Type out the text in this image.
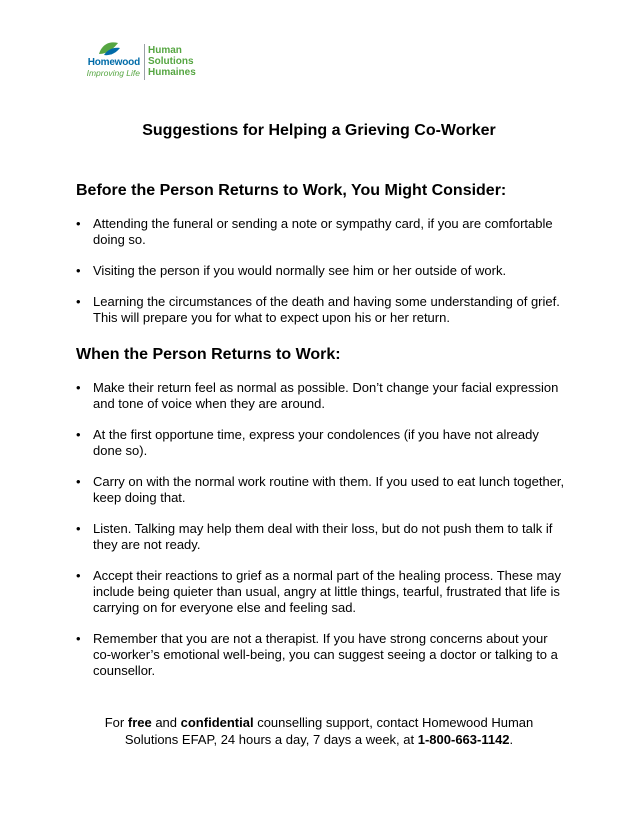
Homewood
Improving Life
Human
Solutions
Humaines
Suggestions for Helping a Grieving Co-Worker
Before the Person Returns to Work, You Might Consider:
• Attending the funeral or sending a note or sympathy card, if you are comfortable doing so.
• Visiting the person if you would normally see him or her outside of work.
• Learning the circumstances of the death and having some understanding of grief. This will prepare you for what to expect upon his or her return.
When the Person Returns to Work:
• Make their return feel as normal as possible. Don’t change your facial expression and tone of voice when they are around.
• At the first opportune time, express your condolences (if you have not already done so).
• Carry on with the normal work routine with them. If you used to eat lunch together, keep doing that.
• Listen. Talking may help them deal with their loss, but do not push them to talk if they are not ready.
• Accept their reactions to grief as a normal part of the healing process. These may include being quieter than usual, angry at little things, tearful, frustrated that life is carrying on for everyone else and feeling sad.
• Remember that you are not a therapist. If you have strong concerns about your co-worker’s emotional well-being, you can suggest seeing a doctor or talking to a counsellor.
For free and confidential counselling support, contact Homewood Human Solutions EFAP, 24 hours a day, 7 days a week, at 1-800-663-1142.
